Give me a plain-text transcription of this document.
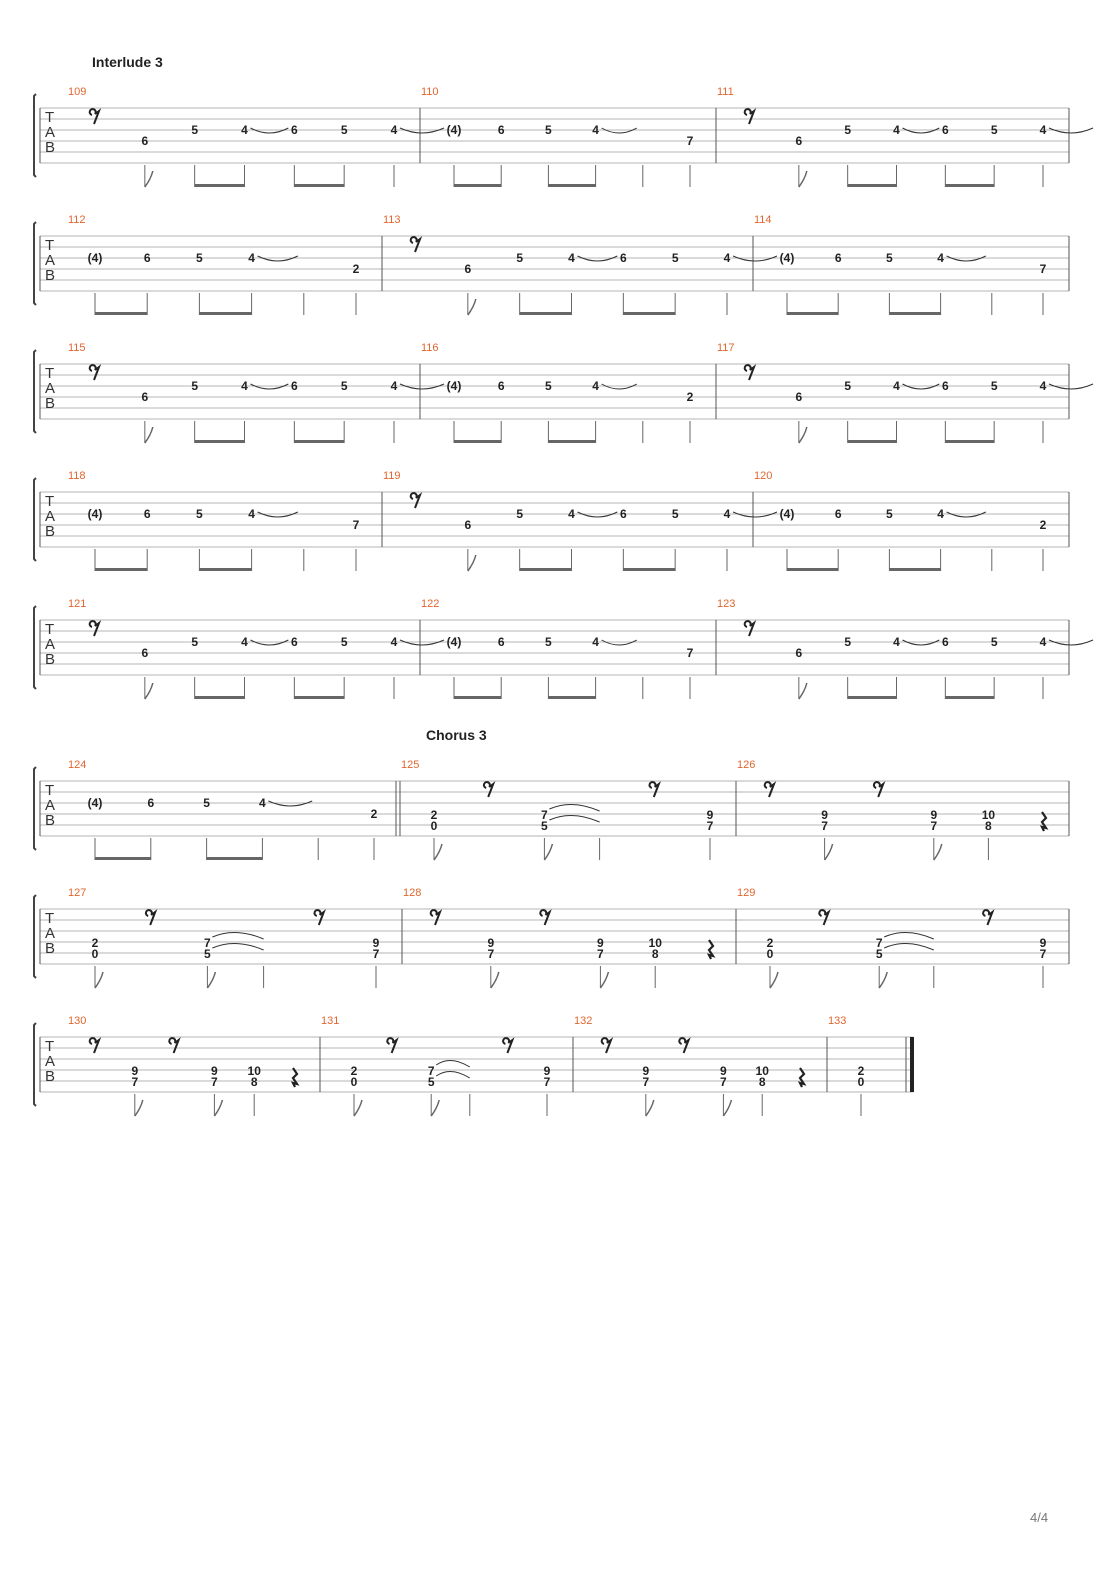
Interlude 3
Chorus 3
T
A
B
109
6
5	4	6	5	4
110
(4)	6	5	4
7
111
6
5	4	6	5	4
T
A
B
112
(4)	6	5	4
2
113
6
5	4	6	5	4
114
(4)	6	5	4
7
T
A
B
115
6
5	4	6	5	4
116
(4)	6	5	4
2
117
6
5	4	6	5	4
T
A
B
118
(4)	6	5	4
7
119
6
5	4	6	5	4
120
(4)	6	5	4
2
T
A
B
121
6
5	4	6	5	4
122
(4)	6	5	4
7
123
6
5	4	6	5	4
T
A
B
124
(4)	6	5	4
2
125
2
0
7
5
9
7
126
9
7
9
7
10
8
T
A
B
127
2
0
7
5
9
7
128
9
7
9
7
10
8
129
2
0
7
5
9
7
T
A
B
130
9
7
9
7
10
8
131
2
0
7
5
9
7
132
9
7
9
7
10
8
133
2
0
4/4
